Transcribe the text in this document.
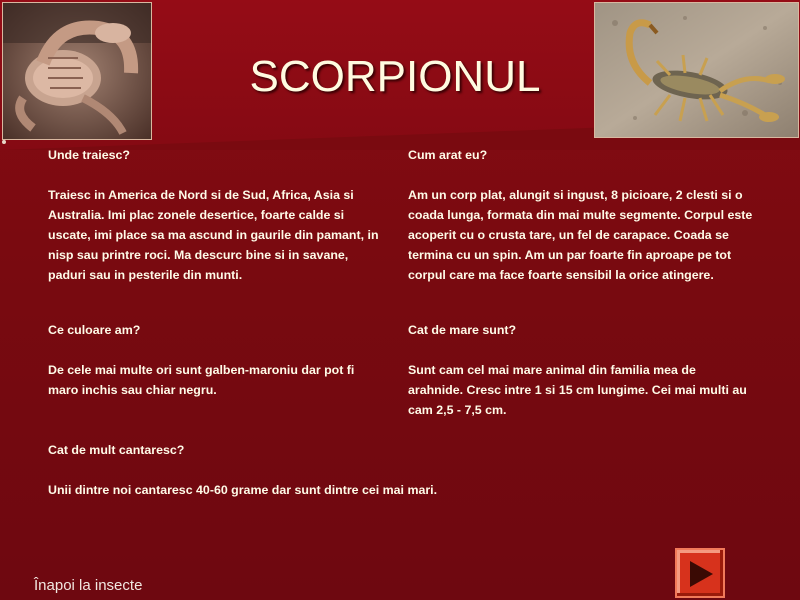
SCORPIONUL

Unde traiesc?

Traiesc in America de Nord si de Sud, Africa, Asia si Australia. Imi plac zonele desertice, foarte calde si uscate, imi place sa ma ascund in gaurile din pamant, in nisp sau printre roci. Ma descurc bine si in savane, paduri sau in pesterile din munti.

Cum arat eu?

Am un corp plat, alungit si ingust, 8 picioare, 2 clesti si o coada lunga, formata din mai multe segmente. Corpul este acoperit cu o crusta tare, un fel de carapace. Coada se termina cu un spin. Am un par foarte fin aproape pe tot corpul care ma face foarte sensibil la orice atingere.

Ce culoare am?

De cele mai multe ori sunt galben-maroniu dar pot fi maro inchis sau chiar negru.

Cat de mare sunt?

Sunt cam cel mai mare animal din familia mea de arahnide. Cresc intre 1 si 15 cm lungime. Cei mai multi au cam 2,5 - 7,5 cm.

Cat de mult cantaresc?

Unii dintre noi cantaresc 40-60 grame dar sunt dintre cei mai mari.

Înapoi la insecte
